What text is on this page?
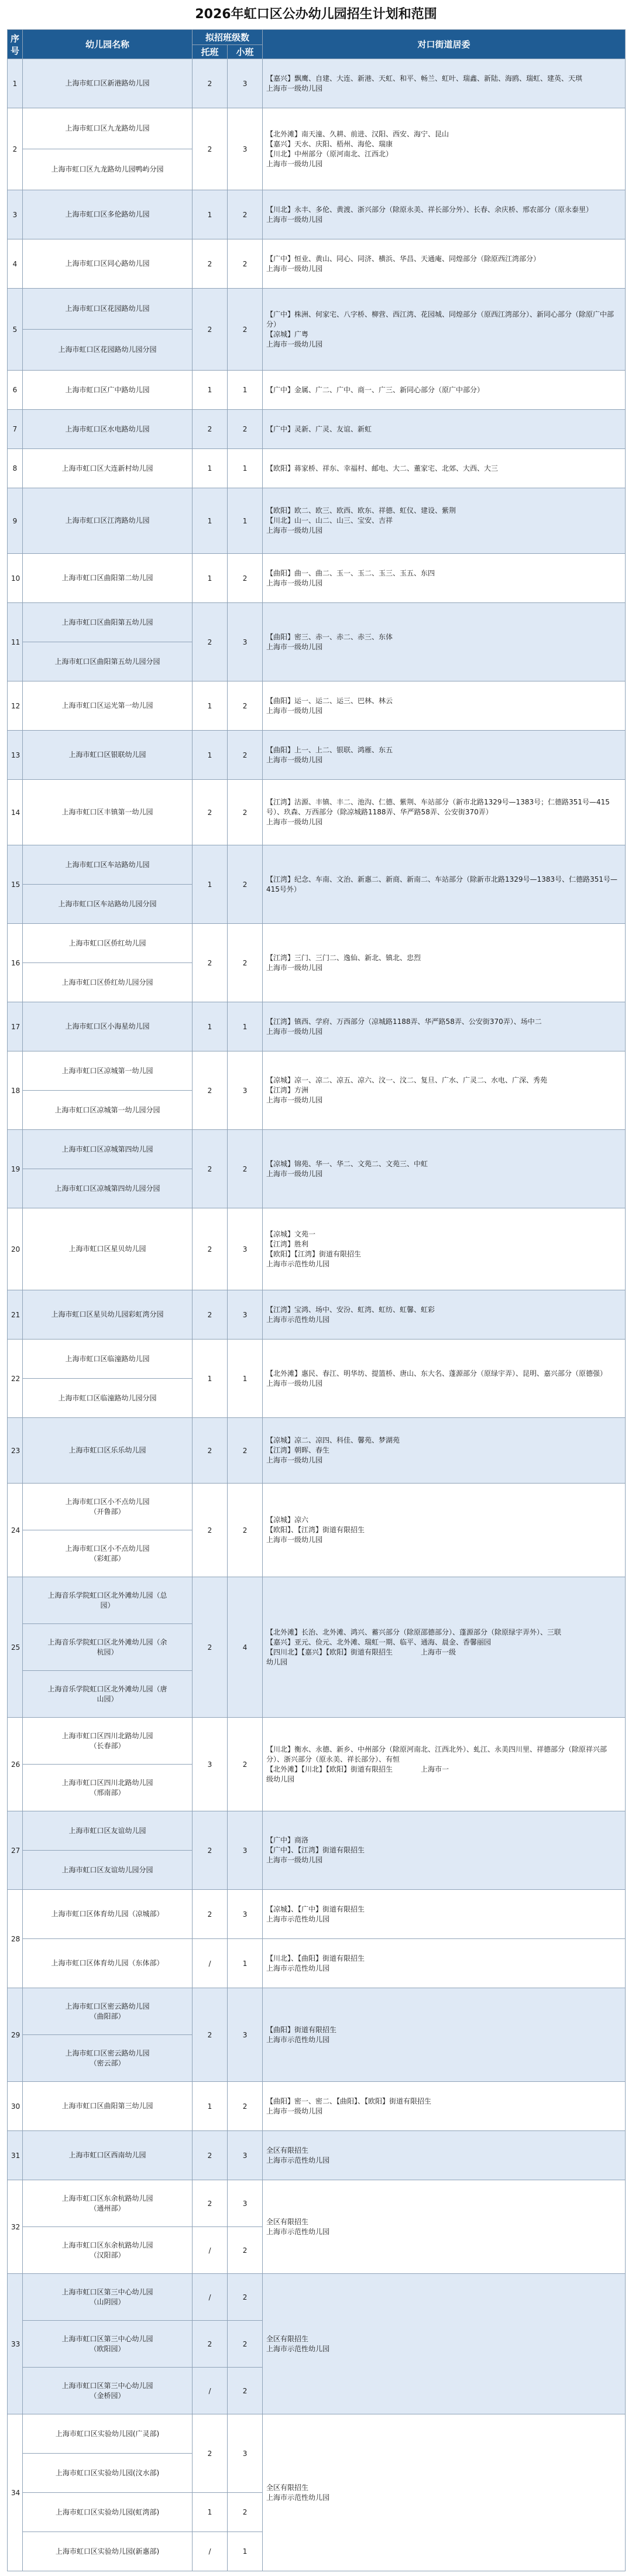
2026年虹口区公办幼儿园招生计划和范围
序号	幼儿园名称	拟招班级数		对口街道居委
		托班	小班	
1	上海市虹口区新港路幼儿园	2	3	【嘉兴】飘鹰、自建、大连、新港、天虹、和平、畅兰、虹叶、瑞鑫、新陆、海鸥、瑞虹、建英、天琪
上海市一级幼儿园
2	上海市虹口区九龙路幼儿园	2	3	【北外滩】南天潼、久耕、前进、汉阳、西安、海宁、昆山
【嘉兴】天水、庆阳、梧州、海伦、瑞康
【川北】中州部分（原河南北、江西北）
上海市一级幼儿园
	上海市虹口区九龙路幼儿园鸭屿分园			
3	上海市虹口区多伦路幼儿园	1	2	【川北】永丰、多伦、黄渡、浙兴部分（除原永美、祥长部分外）、长春、余庆桥、邢农部分（原永泰里）
上海市一级幼儿园
4	上海市虹口区同心路幼儿园	2	2	【广中】恒业、黄山、同心、同济、横浜、华昌、天通庵、同煌部分（除原西江湾部分）
上海市一级幼儿园
5	上海市虹口区花园路幼儿园	2	2	【广中】株洲、何家宅、八字桥、柳营、西江湾、花园城、同煌部分（原西江湾部分）、新同心部分（除原广中部分）
【凉城】广粤
上海市一级幼儿园
	上海市虹口区花园路幼儿园分园			
6	上海市虹口区广中路幼儿园	1	1	【广中】金属、广二、广中、商一、广三、新同心部分（原广中部分）
7	上海市虹口区水电路幼儿园	2	2	【广中】灵新、广灵、友谊、新虹
8	上海市虹口区大连新村幼儿园	1	1	【欧阳】蒋家桥、祥东、幸福村、邮电、大二、董家宅、北郊、大西、大三
9	上海市虹口区江湾路幼儿园	1	1	【欧阳】欧二、欧三、欧西、欧东、祥德、虹仪、建设、紫荆
【川北】山一、山二、山三、宝安、吉祥
上海市一级幼儿园
10	上海市虹口区曲阳第二幼儿园	1	2	【曲阳】曲一、曲二、玉一、玉二、玉三、玉五、东四
上海市一级幼儿园
11	上海市虹口区曲阳第五幼儿园	2	3	【曲阳】密三、赤一、赤二、赤三、东体
上海市一级幼儿园
	上海市虹口区曲阳第五幼儿园分园			
12	上海市虹口区运光第一幼儿园	1	2	【曲阳】运一、运二、运三、巴林、林云
上海市一级幼儿园
13	上海市虹口区银联幼儿园	1	2	【曲阳】上一、上二、银联、鸿雁、东五
上海市一级幼儿园
14	上海市虹口区丰镇第一幼儿园	2	2	【江湾】沽源、丰镇、丰二、池沟、仁德、紫荆、车站部分（新市北路1329号—1383号；仁德路351号—415号）、玖森、万西部分（除凉城路1188弄、华严路58弄、公安街370弄）
上海市一级幼儿园
15	上海市虹口区车站路幼儿园	1	2	【江湾】纪念、车南、文治、新惠二、新商、新南二、车站部分（除新市北路1329号—1383号、仁德路351号—415号外）
	上海市虹口区车站路幼儿园分园			
16	上海市虹口区侨红幼儿园	2	2	【江湾】三门、三门二、逸仙、新北、镇北、忠烈
上海市一级幼儿园
	上海市虹口区侨红幼儿园分园			
17	上海市虹口区小海星幼儿园	1	1	【江湾】镇西、学府、万西部分（凉城路1188弄、华严路58弄、公安街370弄）、场中二
上海市一级幼儿园
18	上海市虹口区凉城第一幼儿园	2	3	【凉城】凉一、凉二、凉五、凉六、汶一、汶二、复旦、广水、广灵二、水电、广深、秀苑
【江湾】方洲
上海市一级幼儿园
	上海市虹口区凉城第一幼儿园分园			
19	上海市虹口区凉城第四幼儿园	2	2	【凉城】锦苑、华一、华二、文苑二、文苑三、中虹
上海市一级幼儿园
	上海市虹口区凉城第四幼儿园分园			
20	上海市虹口区星贝幼儿园	2	3	【凉城】文苑一
【江湾】胜利
【欧阳】【江湾】街道有限招生
上海市示范性幼儿园
21	上海市虹口区星贝幼儿园彩虹湾分园	2	3	【江湾】宝鸿、场中、安汾、虹湾、虹纺、虹馨、虹彩
上海市示范性幼儿园
22	上海市虹口区临潼路幼儿园	1	1	【北外滩】惠民、春江、明华坊、提篮桥、唐山、东大名、蓬源部分（原绿宇弄）、昆明、嘉兴部分（原德强）
上海市一级幼儿园
	上海市虹口区临潼路幼儿园分园			
23	上海市虹口区乐乐幼儿园	2	2	【凉城】凉二、凉四、科佳、馨苑、梦湖苑
【江湾】朝晖、春生
上海市一级幼儿园
24	上海市虹口区小不点幼儿园
（开鲁部）	2	2	【凉城】凉六
【欧阳】、【江湾】街道有限招生
上海市一级幼儿园
	上海市虹口区小不点幼儿园
（彩虹部）			
25	上海音乐学院虹口区北外滩幼儿园（总
园）	2	4	【北外滩】长治、北外滩、鸿兴、蓄兴部分（除原邵德部分）、蓬源部分（除原绿宇弄外）、三联
【嘉兴】亚元、俭元、北外滩、瑞虹一期、临平、通海、晨金、香馨丽园
【四川北】【嘉兴】【欧阳】街道有限招生　　　　上海市一级
幼儿园
	上海音乐学院虹口区北外滩幼儿园（余
杭园）			
	上海音乐学院虹口区北外滩幼儿园（唐
山园）			
26	上海市虹口区四川北路幼儿园
（长春部）	3	2	【川北】衡水、永德、新乡、中州部分（除原河南北、江西北外）、虬江、永美四川里、祥德部分（除原祥兴部分）、浙兴部分（原永美、祥长部分）、有恒
【北外滩】【川北】【欧阳】街道有限招生　　　　上海市一
级幼儿园
	上海市虹口区四川北路幼儿园
（邢南部）			
27	上海市虹口区友谊幼儿园	2	3	【广中】商洛
【广中】、【江湾】街道有限招生
上海市一级幼儿园
	上海市虹口区友谊幼儿园分园			
28	上海市虹口区体育幼儿园（凉城部）	2	3	【凉城】、【广中】街道有限招生
上海市示范性幼儿园
	上海市虹口区体育幼儿园（东体部）	/	1	【川北】、【曲阳】街道有限招生
上海市示范性幼儿园
29	上海市虹口区密云路幼儿园
（曲阳部）	2	3	【曲阳】街道有限招生
上海市示范性幼儿园
	上海市虹口区密云路幼儿园
（密云部）			
30	上海市虹口区曲阳第三幼儿园	1	2	【曲阳】密一、密二、【曲阳】、【欧阳】街道有限招生
上海市一级幼儿园
31	上海市虹口区西南幼儿园	2	3	全区有限招生
上海市示范性幼儿园
32	上海市虹口区东余杭路幼儿园
（通州部）	2	3	全区有限招生
上海市示范性幼儿园
	上海市虹口区东余杭路幼儿园
（汉阳部）	/	2	
33	上海市虹口区第三中心幼儿园
（山阴园）	/	2	全区有限招生
上海市示范性幼儿园
	上海市虹口区第三中心幼儿园
（欧阳园）	2	2	
	上海市虹口区第三中心幼儿园
（金桥园）	/	2	
34	上海市虹口区实验幼儿园(广灵部)	2	3	全区有限招生
上海市示范性幼儿园
	上海市虹口区实验幼儿园(汶水部)			
	上海市虹口区实验幼儿园(虹湾部)	1	2	
	上海市虹口区实验幼儿园(新惠部)	/	1	
